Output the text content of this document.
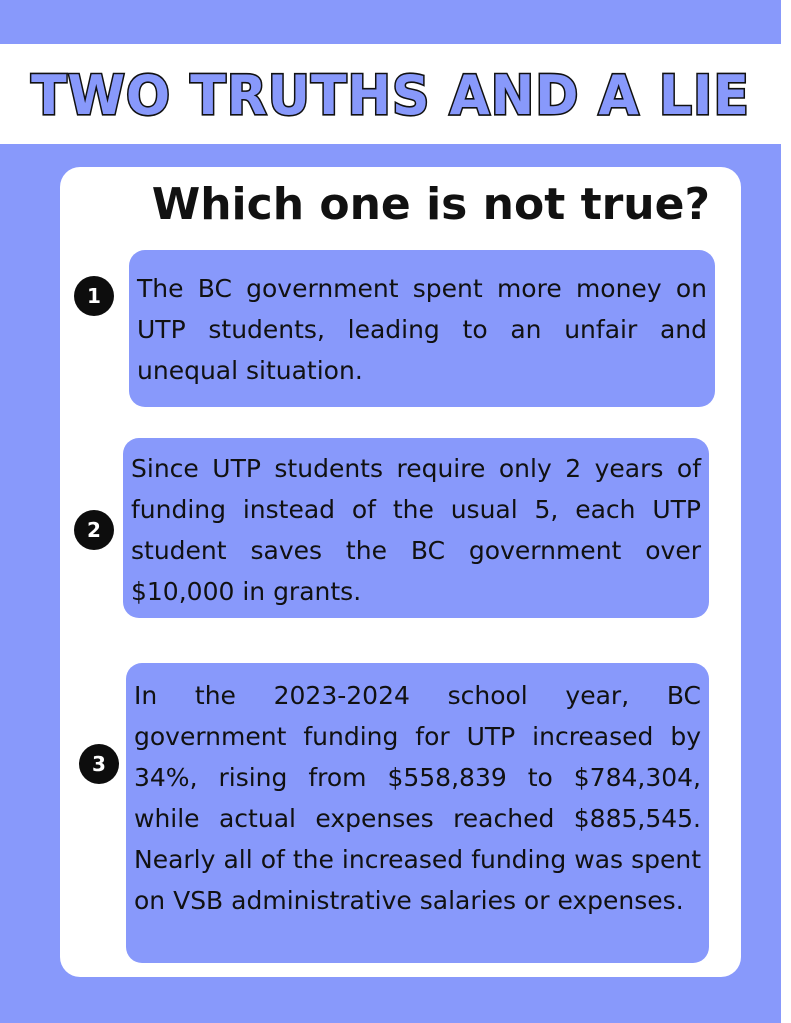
TWO TRUTHS AND A LIE
Which one is not true?
1	The BC government spent more money on UTP students, leading to an unfair and unequal situation.
2
Since UTP students require only 2 years of funding instead of the usual 5, each UTP student saves the BC government over $10,000 in grants.
3
In the 2023-2024 school year, BC government funding for UTP increased by 34%, rising from $558,839 to $784,304, while actual expenses reached $885,545. Nearly all of the increased funding was spent on VSB administrative salaries or expenses.
